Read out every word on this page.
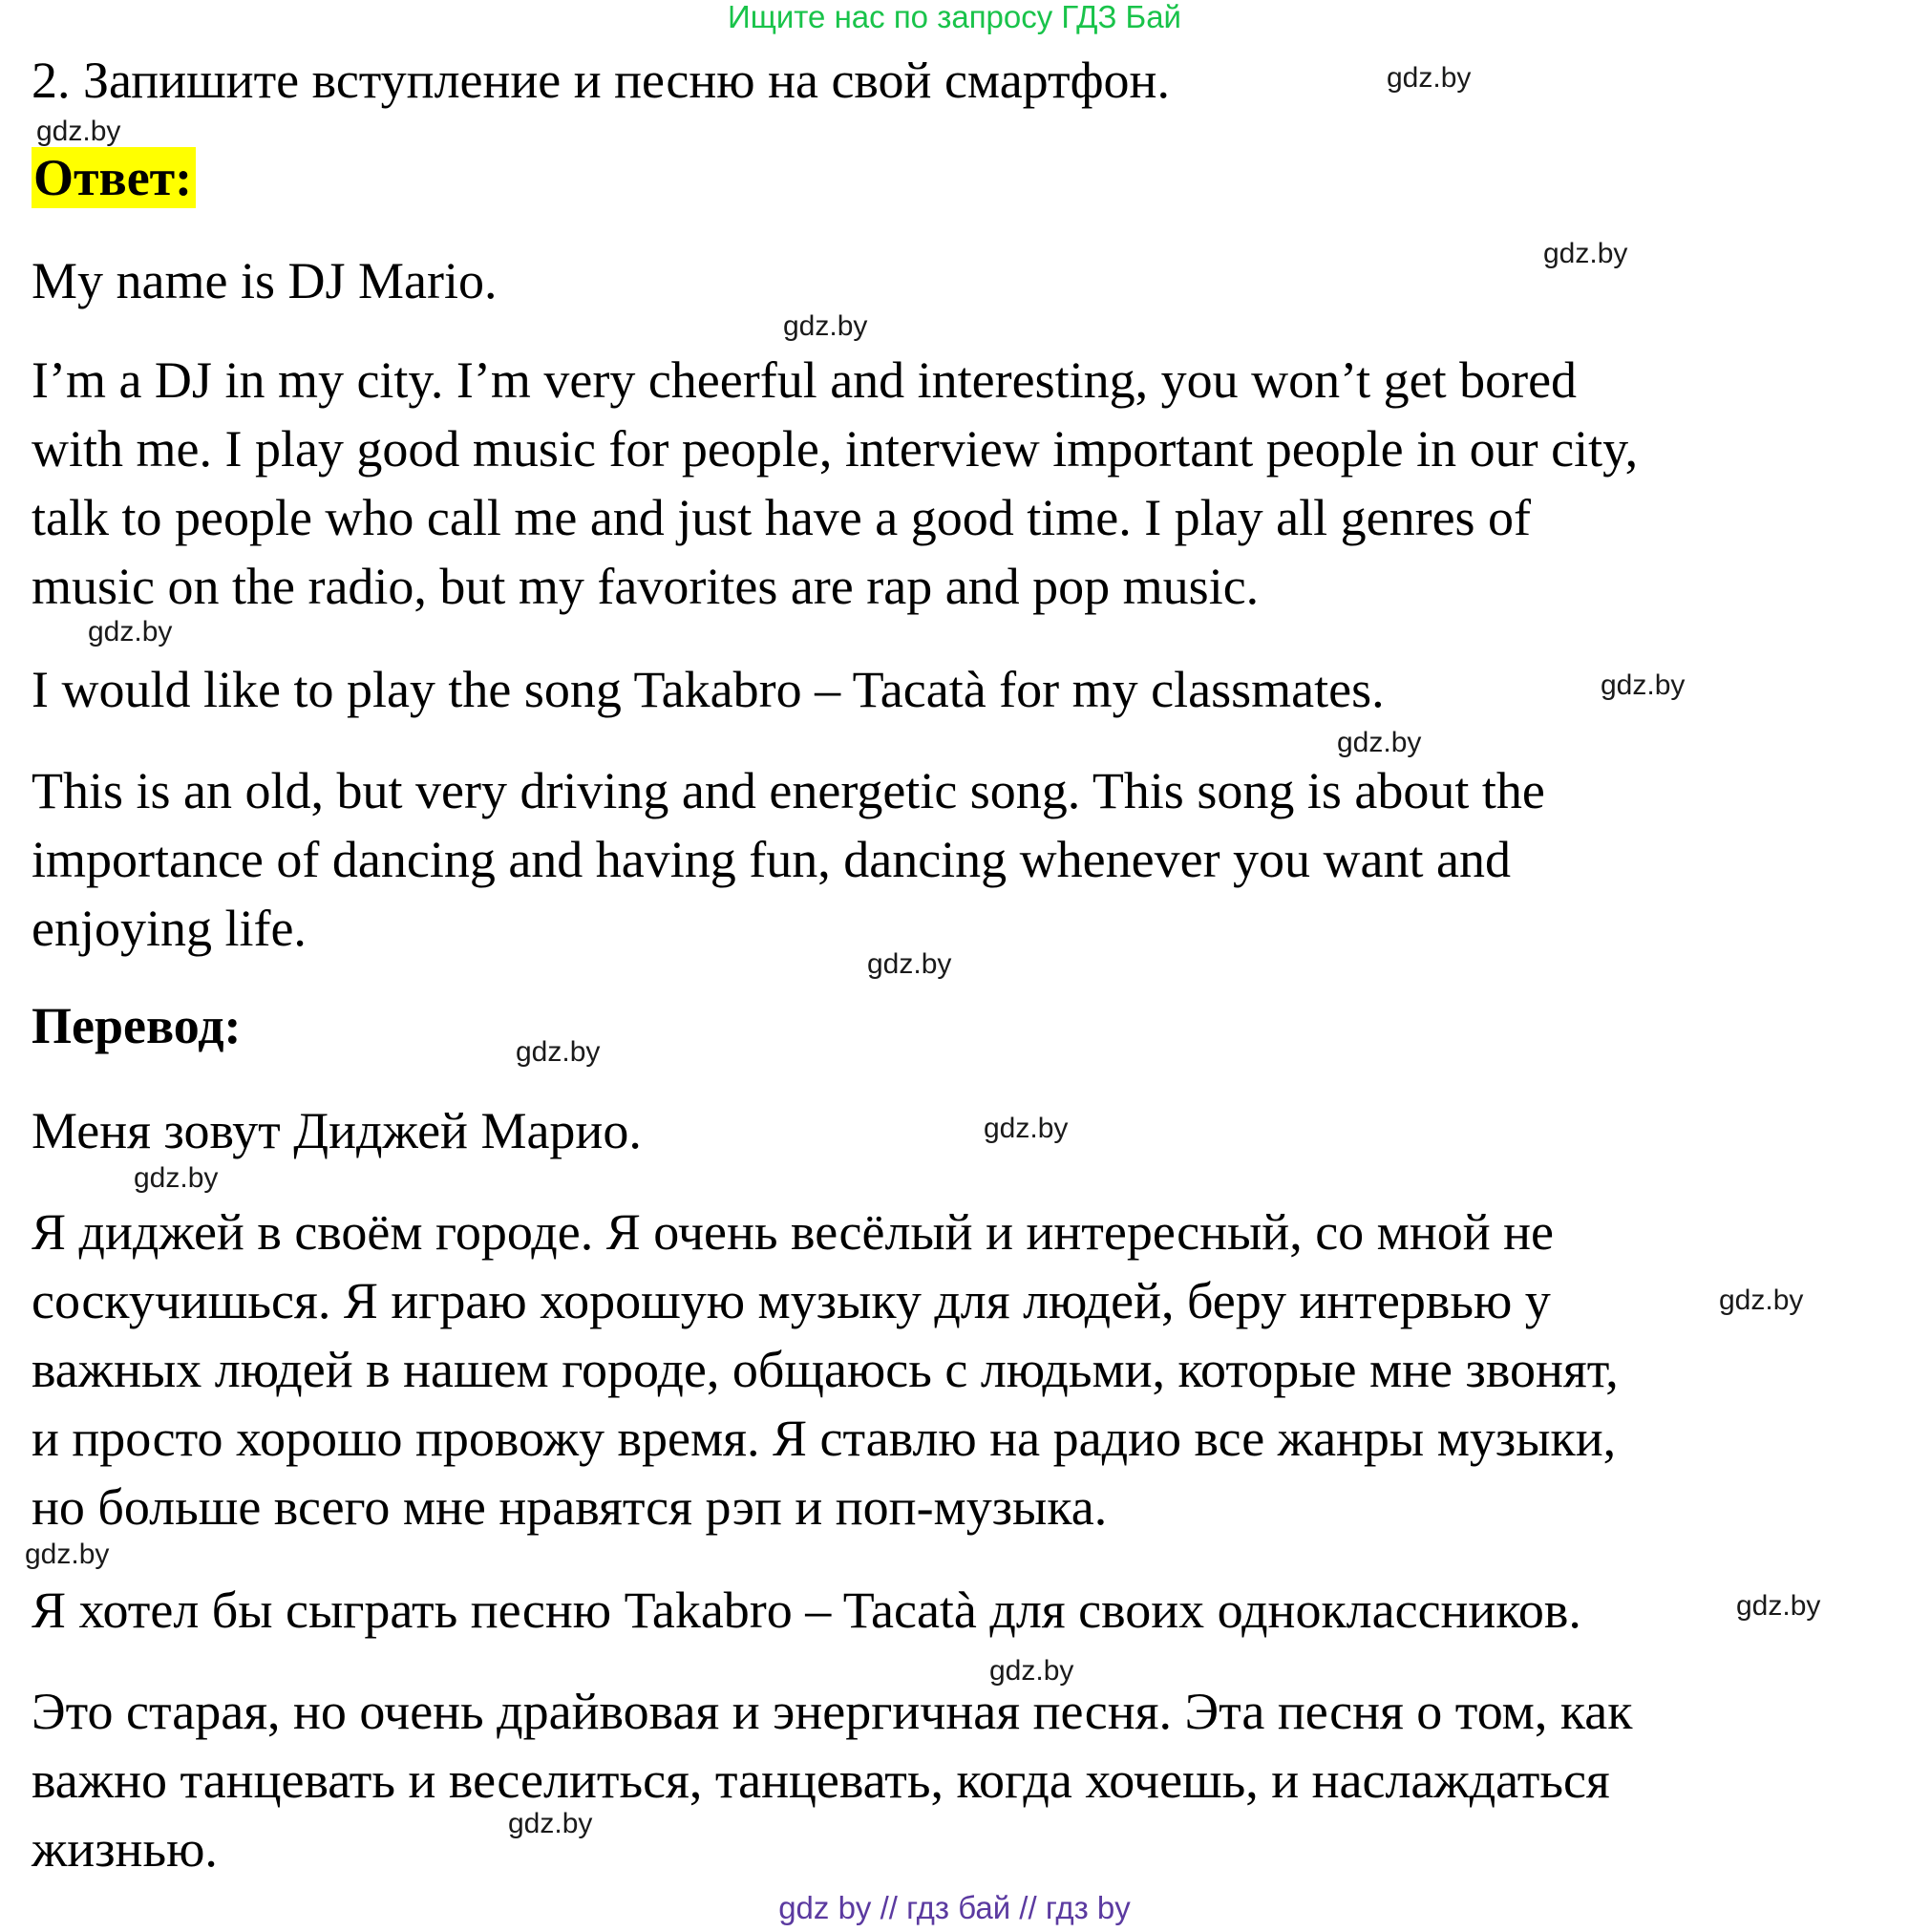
Ищите нас по запросу ГДЗ Бай
2. Запишите вступление и песню на свой смартфон.
Ответ:
My name is DJ Mario.
I’m a DJ in my city. I’m very cheerful and interesting, you won’t get bored
with me. I play good music for people, interview important people in our city,
talk to people who call me and just have a good time. I play all genres of
music on the radio, but my favorites are rap and pop music.
I would like to play the song Takabro – Tacatà for my classmates.
This is an old, but very driving and energetic song. This song is about the
importance of dancing and having fun, dancing whenever you want and
enjoying life.
Перевод:
Меня зовут Диджей Марио.
Я диджей в своём городе. Я очень весёлый и интересный, со мной не
соскучишься. Я играю хорошую музыку для людей, беру интервью у
важных людей в нашем городе, общаюсь с людьми, которые мне звонят,
и просто хорошо провожу время. Я ставлю на радио все жанры музыки,
но больше всего мне нравятся рэп и поп-музыка.
Я хотел бы сыграть песню Takabro – Tacatà для своих одноклассников.
Это старая, но очень драйвовая и энергичная песня. Эта песня о том, как
важно танцевать и веселиться, танцевать, когда хочешь, и наслаждаться
жизнью.
gdz.by
gdz.by
gdz.by
gdz.by
gdz.by
gdz.by
gdz.by
gdz.by
gdz.by
gdz.by
gdz.by
gdz.by
gdz.by
gdz.by
gdz.by
gdz.by
gdz by // гдз бай // гдз by
